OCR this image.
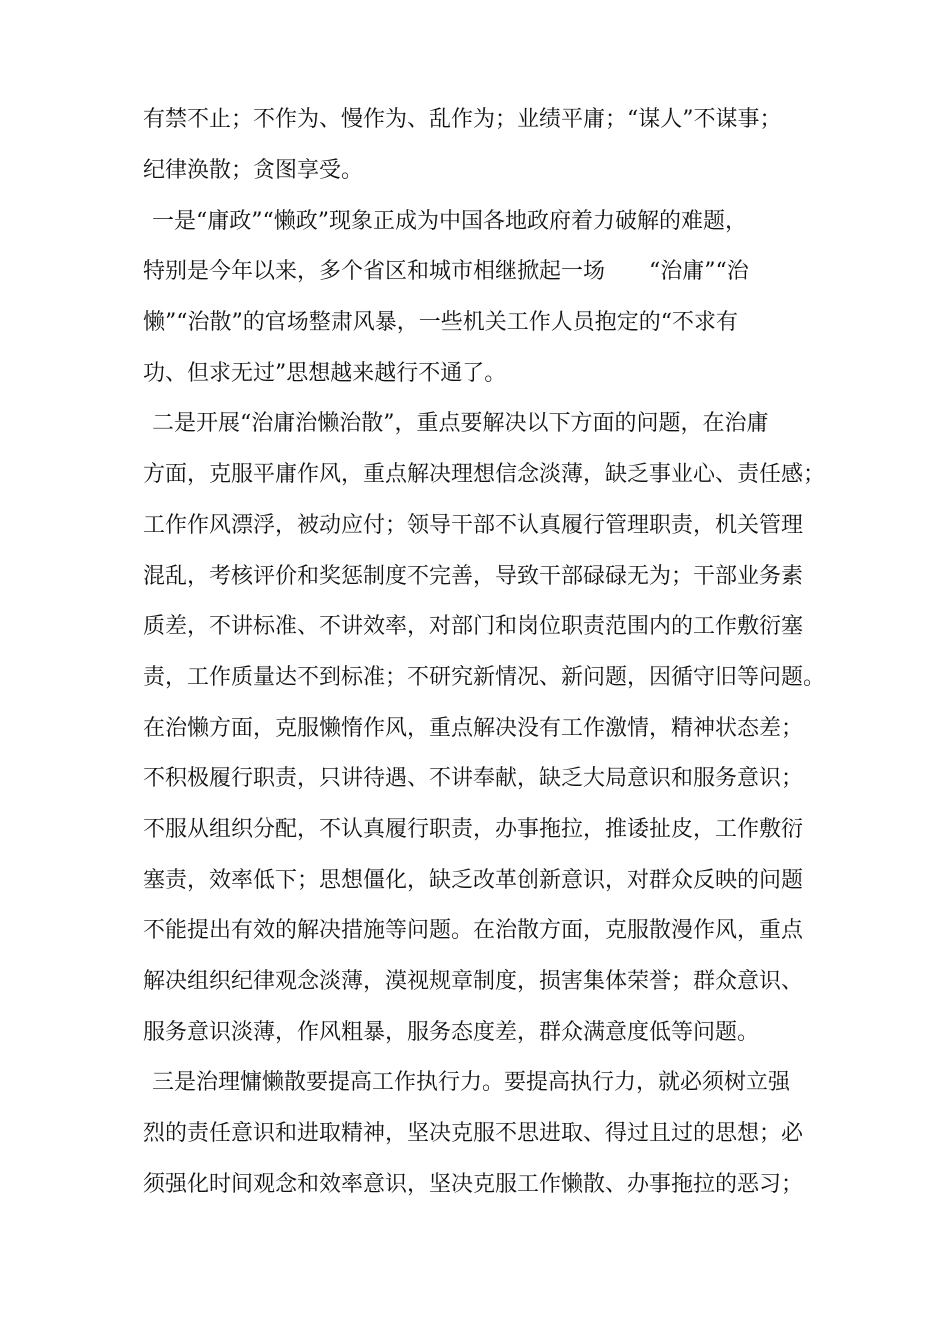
有禁不止；不作为、慢作为、乱作为；业绩平庸；“谋人”不谋事；

纪律涣散；贪图享受。

一是“庸政”“懒政”现象正成为中国各地政府着力破解的难题，

特别是今年以来，多个省区和城市相继掀起一场　　“治庸”“治

懒”“治散”的官场整肃风暴，一些机关工作人员抱定的“不求有

功、但求无过”思想越来越行不通了。

二是开展“治庸治懒治散”，重点要解决以下方面的问题，在治庸

方面，克服平庸作风，重点解决理想信念淡薄，缺乏事业心、责任感；

工作作风漂浮，被动应付；领导干部不认真履行管理职责，机关管理

混乱，考核评价和奖惩制度不完善，导致干部碌碌无为；干部业务素

质差，不讲标准、不讲效率，对部门和岗位职责范围内的工作敷衍塞

责，工作质量达不到标准；不研究新情况、新问题，因循守旧等问题。

在治懒方面，克服懒惰作风，重点解决没有工作激情，精神状态差；

不积极履行职责，只讲待遇、不讲奉献，缺乏大局意识和服务意识；

不服从组织分配，不认真履行职责，办事拖拉，推诿扯皮，工作敷衍

塞责，效率低下；思想僵化，缺乏改革创新意识，对群众反映的问题

不能提出有效的解决措施等问题。在治散方面，克服散漫作风，重点

解决组织纪律观念淡薄，漠视规章制度，损害集体荣誉；群众意识、

服务意识淡薄，作风粗暴，服务态度差，群众满意度低等问题。

三是治理慵懒散要提高工作执行力。要提高执行力，就必须树立强

烈的责任意识和进取精神，坚决克服不思进取、得过且过的思想；必

须强化时间观念和效率意识，坚决克服工作懒散、办事拖拉的恶习；
